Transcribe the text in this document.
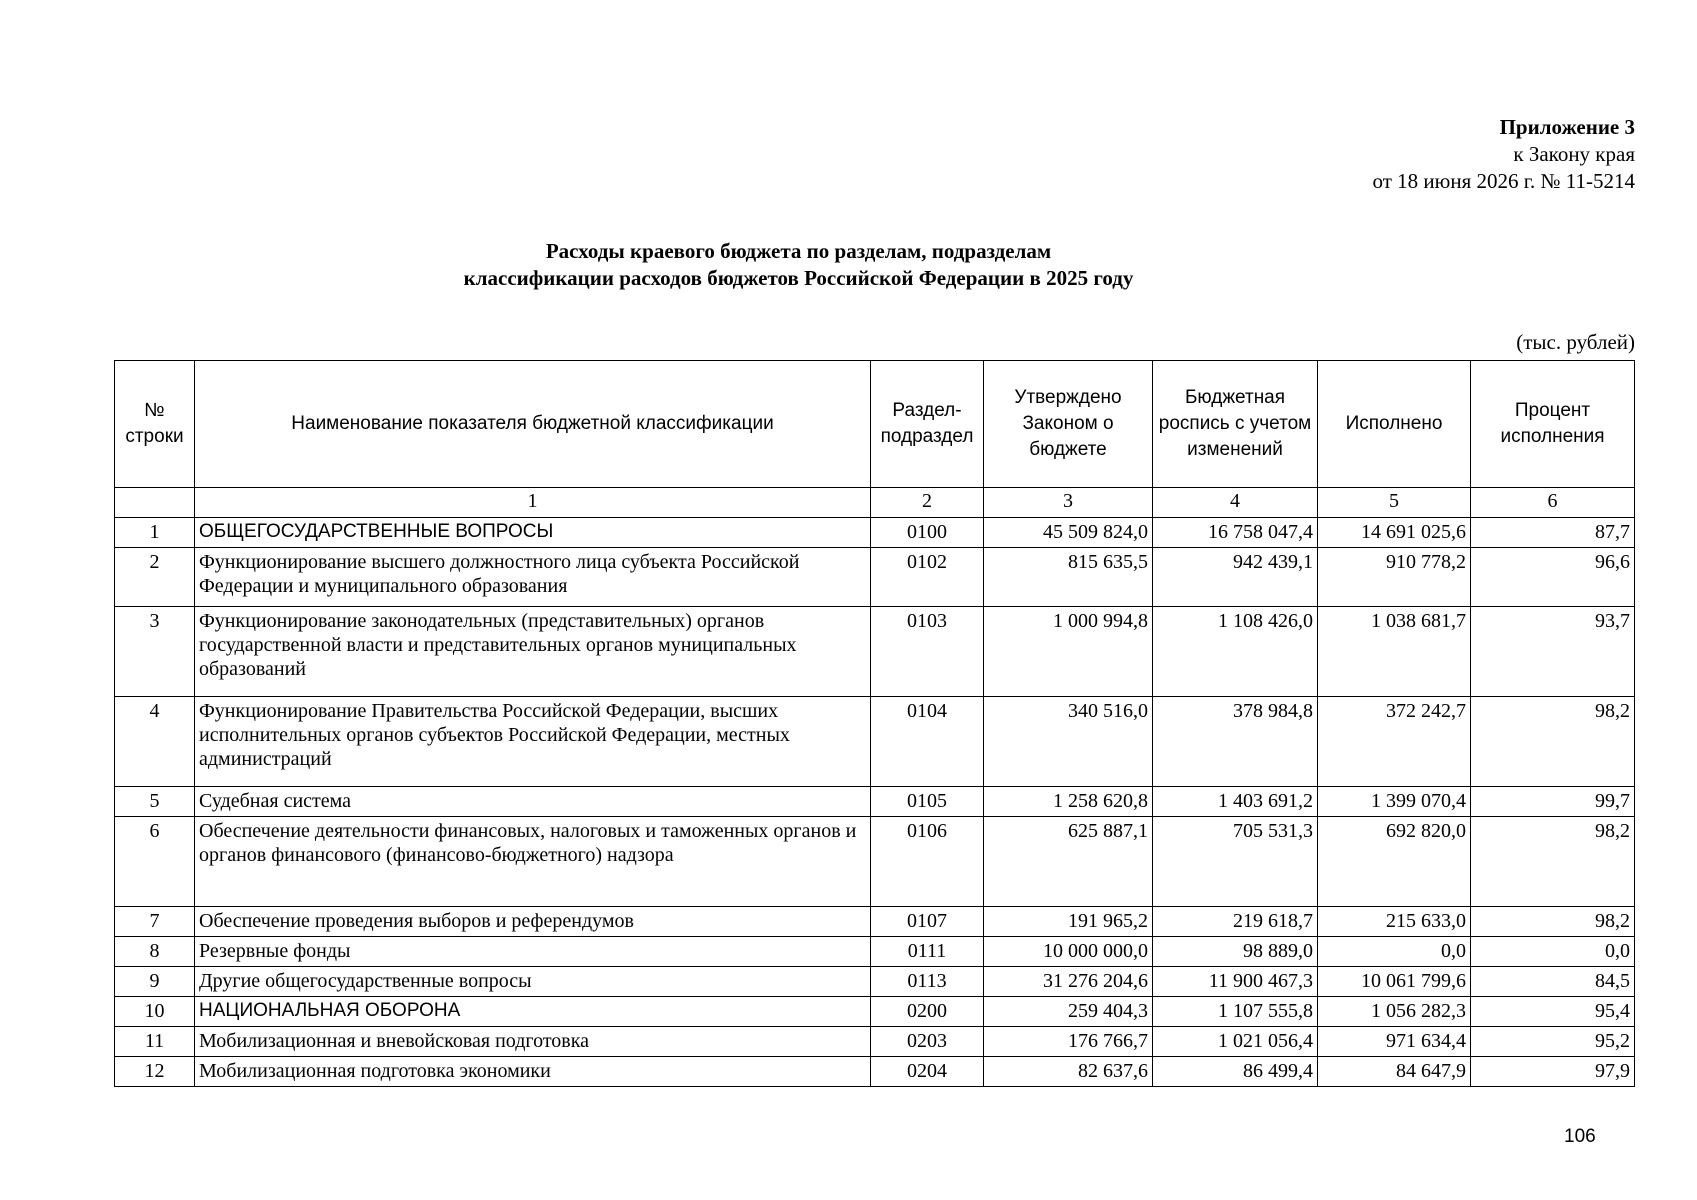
Приложение 3
к Закону края
от 18 июня 2026 г. № 11-5214
Расходы краевого бюджета по разделам, подразделам
классификации расходов бюджетов Российской Федерации в 2025 году
(тыс. рублей)
№ строки	Наименование показателя бюджетной классификации	Раздел-подраздел	Утверждено Законом о бюджете	Бюджетная роспись с учетом изменений	Исполнено	Процент исполнения
	1	2	3	4	5	6
1	ОБЩЕГОСУДАРСТВЕННЫЕ ВОПРОСЫ	0100	45 509 824,0	16 758 047,4	14 691 025,6	87,7
2	Функционирование высшего должностного лица субъекта Российской Федерации и муниципального образования	0102	815 635,5	942 439,1	910 778,2	96,6
3	Функционирование законодательных (представительных) органов государственной власти и представительных органов муниципальных образований	0103	1 000 994,8	1 108 426,0	1 038 681,7	93,7
4	Функционирование Правительства Российской Федерации, высших исполнительных органов субъектов Российской Федерации, местных администраций	0104	340 516,0	378 984,8	372 242,7	98,2
5	Судебная система	0105	1 258 620,8	1 403 691,2	1 399 070,4	99,7
6	Обеспечение деятельности финансовых, налоговых и таможенных органов и органов финансового (финансово-бюджетного) надзора	0106	625 887,1	705 531,3	692 820,0	98,2
7	Обеспечение проведения выборов и референдумов	0107	191 965,2	219 618,7	215 633,0	98,2
8	Резервные фонды	0111	10 000 000,0	98 889,0	0,0	0,0
9	Другие общегосударственные вопросы	0113	31 276 204,6	11 900 467,3	10 061 799,6	84,5
10	НАЦИОНАЛЬНАЯ ОБОРОНА	0200	259 404,3	1 107 555,8	1 056 282,3	95,4
11	Мобилизационная и вневойсковая подготовка	0203	176 766,7	1 021 056,4	971 634,4	95,2
12	Мобилизационная подготовка экономики	0204	82 637,6	86 499,4	84 647,9	97,9
106
